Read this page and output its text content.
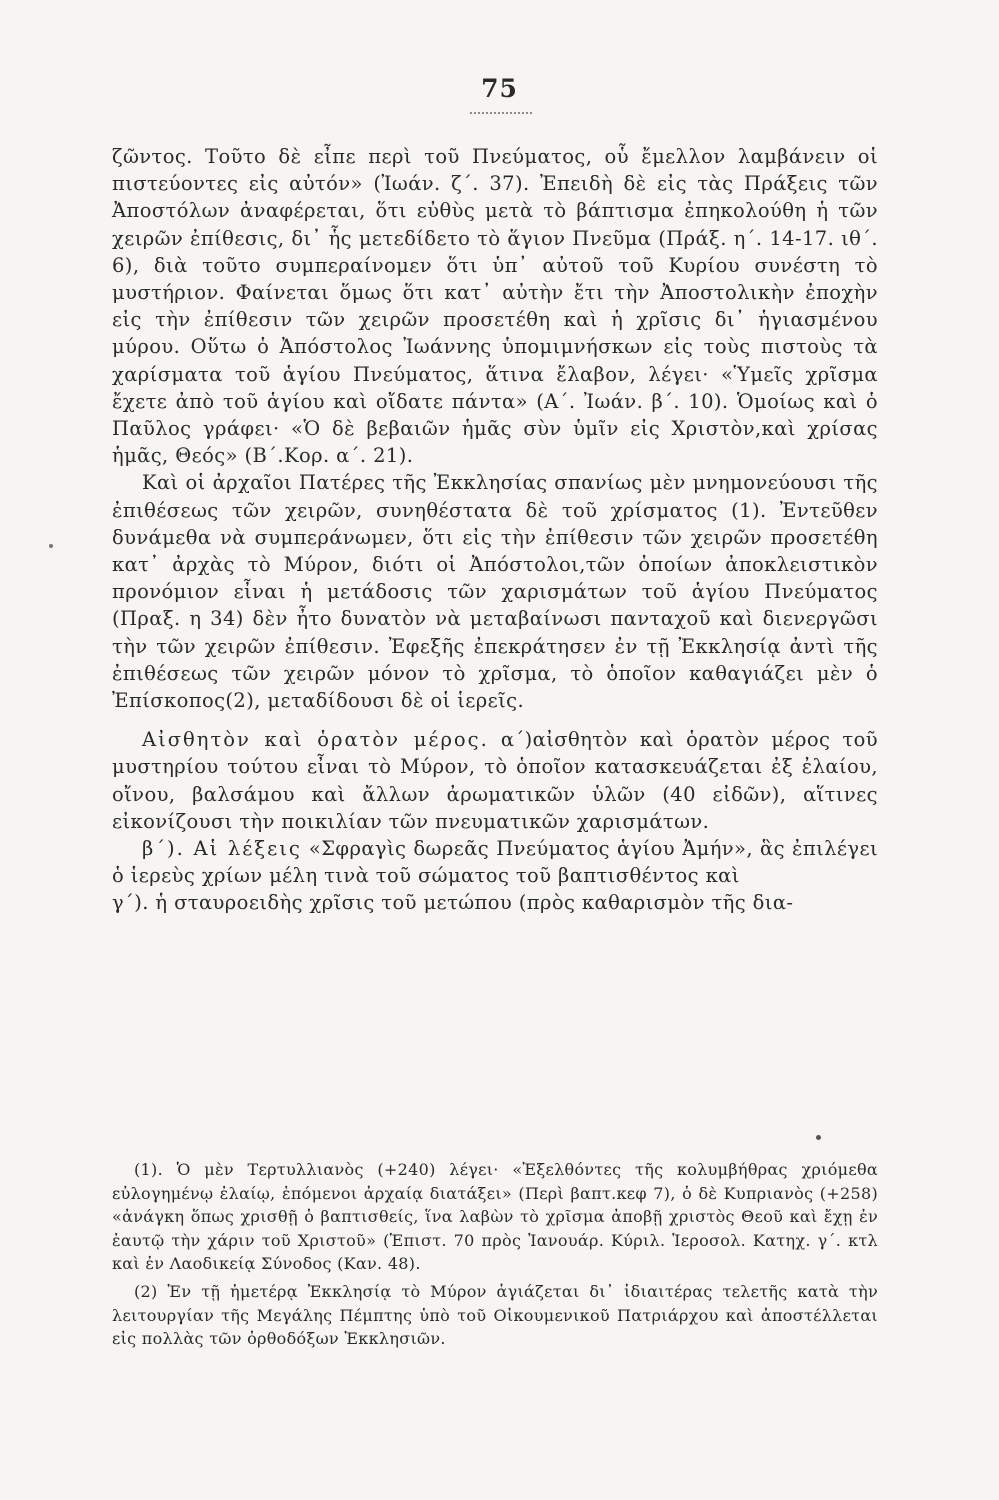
75

ζῶντος. Τοῦτο δὲ εἶπε περὶ τοῦ Πνεύματος, οὗ ἔμελλον λαμβάνειν οἱ πιστεύοντες εἰς αὐτόν» (Ἰωάν. ζ΄. 37). Ἐπειδὴ δὲ εἰς τὰς Πράξεις τῶν Ἀποστόλων ἀναφέρεται, ὅτι εὐθὺς μετὰ τὸ βάπτισμα ἐπηκολούθη ἡ τῶν χειρῶν ἐπίθεσις, δι᾽ ἧς μετεδίδετο τὸ ἅγιον Πνεῦμα (Πράξ. η΄. 14-17. ιθ΄. 6), διὰ τοῦτο συμπεραίνομεν ὅτι ὑπ᾽ αὐτοῦ τοῦ Κυρίου συνέστη τὸ μυστήριον. Φαίνεται ὅμως ὅτι κατ᾽ αὐτὴν ἔτι τὴν Ἀποστολικὴν ἐποχὴν εἰς τὴν ἐπίθεσιν τῶν χειρῶν προσετέθη καὶ ἡ χρῖσις δι᾽ ἡγιασμένου μύρου. Οὕτω ὁ Ἀπόστολος Ἰωάννης ὑπομιμνήσκων εἰς τοὺς πιστοὺς τὰ χαρίσματα τοῦ ἁγίου Πνεύματος, ἅτινα ἔλαβον, λέγει· «Ὑμεῖς χρῖσμα ἔχετε ἀπὸ τοῦ ἁγίου καὶ οἴδατε πάντα» (Α΄. Ἰωάν. β΄. 10). Ὁμοίως καὶ ὁ Παῦλος γράφει· «Ὁ δὲ βεβαιῶν ἡμᾶς σὺν ὑμῖν εἰς Χριστὸν,καὶ χρίσας ἡμᾶς, Θεός» (Β΄.Κορ. α΄. 21).

Καὶ οἱ ἀρχαῖοι Πατέρες τῆς Ἐκκλησίας σπανίως μὲν μνημονεύουσι τῆς ἐπιθέσεως τῶν χειρῶν, συνηθέστατα δὲ τοῦ χρίσματος (1). Ἐντεῦθεν δυνάμεθα νὰ συμπεράνωμεν, ὅτι εἰς τὴν ἐπίθεσιν τῶν χειρῶν προσετέθη κατ᾽ ἀρχὰς τὸ Μύρον, διότι οἱ Ἀπόστολοι,τῶν ὁποίων ἀποκλειστικὸν προνόμιον εἶναι ἡ μετάδοσις τῶν χαρισμάτων τοῦ ἁγίου Πνεύματος (Πραξ. η 34) δὲν ἦτο δυνατὸν νὰ μεταβαίνωσι πανταχοῦ καὶ διενεργῶσι τὴν τῶν χειρῶν ἐπίθεσιν. Ἐφεξῆς ἐπεκράτησεν ἐν τῇ Ἐκκλησίᾳ ἀντὶ τῆς ἐπιθέσεως τῶν χειρῶν μόνον τὸ χρῖσμα, τὸ ὁποῖον καθαγιάζει μὲν ὁ Ἐπίσκοπος(2), μεταδίδουσι δὲ οἱ ἱερεῖς.

Αἰσθητὸν καὶ ὁρατὸν μέρος. α΄)αἰσθητὸν καὶ ὁρατὸν μέρος τοῦ μυστηρίου τούτου εἶναι τὸ Μύρον, τὸ ὁποῖον κατασκευάζεται ἐξ ἐλαίου, οἴνου, βαλσάμου καὶ ἄλλων ἀρωματικῶν ὑλῶν (40 εἰδῶν), αἵτινες εἰκονίζουσι τὴν ποικιλίαν τῶν πνευματικῶν χαρισμάτων.

β΄). Αἱ λέξεις «Σφραγὶς δωρεᾶς Πνεύματος ἁγίου Ἀμήν», ἃς ἐπιλέγει ὁ ἱερεὺς χρίων μέλη τινὰ τοῦ σώματος τοῦ βαπτισθέντος καὶ

γ΄). ἡ σταυροειδὴς χρῖσις τοῦ μετώπου (πρὸς καθαρισμὸν τῆς δια-

(1). Ὁ μὲν Τερτυλλιανὸς (+240) λέγει· «Ἐξελθόντες τῆς κολυμβήθρας χριόμεθα εὐλογημένῳ ἐλαίῳ, ἑπόμενοι ἀρχαίᾳ διατάξει» (Περὶ βαπτ.κεφ 7), ὁ δὲ Κυπριανὸς (+258) «ἀνάγκη ὅπως χρισθῇ ὁ βαπτισθείς, ἵνα λαβὼν τὸ χρῖσμα ἀποβῇ χριστὸς Θεοῦ καὶ ἔχῃ ἐν ἑαυτῷ τὴν χάριν τοῦ Χριστοῦ» (Ἐπιστ. 70 πρὸς Ἰανουάρ. Κύριλ. Ἱεροσολ. Κατηχ. γ΄. κτλ καὶ ἐν Λαοδικείᾳ Σύνοδος (Καν. 48).

(2) Ἐν τῇ ἡμετέρᾳ Ἐκκλησίᾳ τὸ Μύρον ἁγιάζεται δι᾽ ἰδιαιτέρας τελετῆς κατὰ τὴν λειτουργίαν τῆς Μεγάλης Πέμπτης ὑπὸ τοῦ Οἰκουμενικοῦ Πατριάρχου καὶ ἀποστέλλεται εἰς πολλὰς τῶν ὀρθοδόξων Ἐκκλησιῶν.
